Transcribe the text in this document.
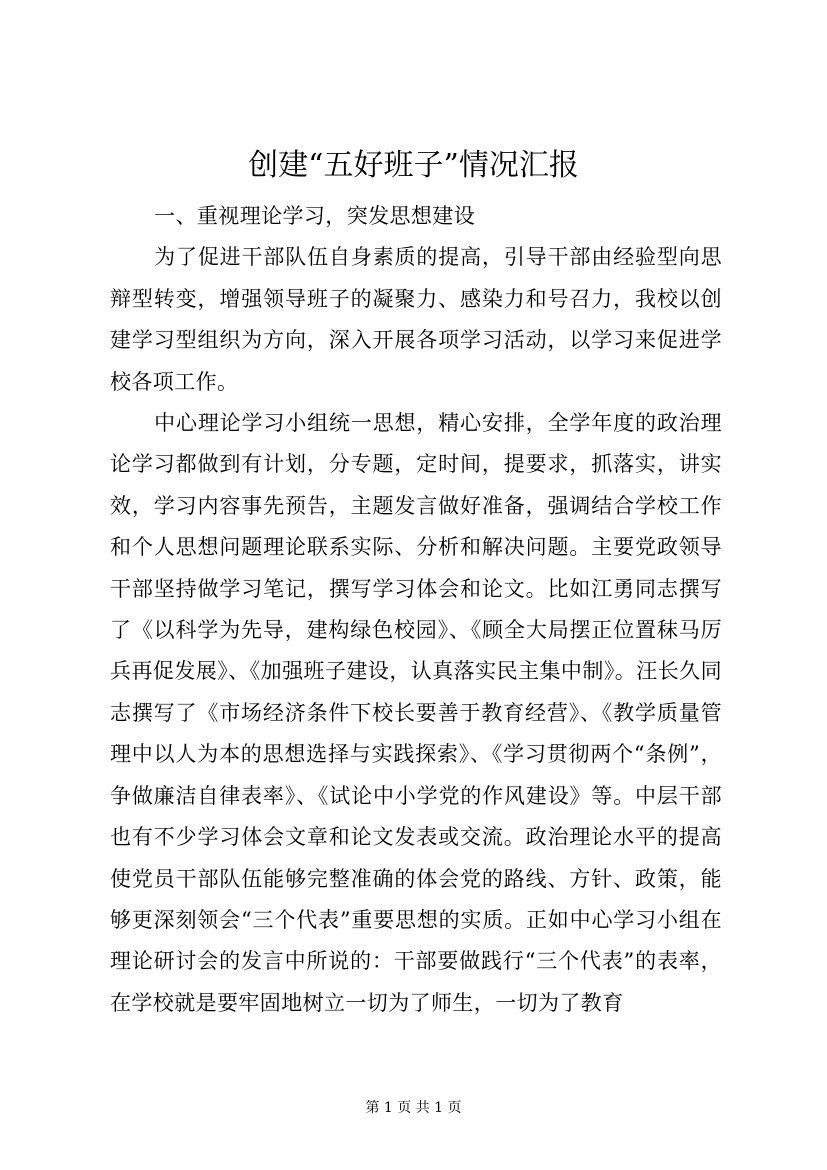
创建“五好班子”情况汇报

一、重视理论学习，突发思想建设

为了促进干部队伍自身素质的提高，引导干部由经验型向思辩型转变，增强领导班子的凝聚力、感染力和号召力，我校以创建学习型组织为方向，深入开展各项学习活动，以学习来促进学校各项工作。

中心理论学习小组统一思想，精心安排，全学年度的政治理论学习都做到有计划，分专题，定时间，提要求，抓落实，讲实效，学习内容事先预告，主题发言做好准备，强调结合学校工作和个人思想问题理论联系实际、分析和解决问题。主要党政领导干部坚持做学习笔记，撰写学习体会和论文。比如江勇同志撰写了《以科学为先导，建构绿色校园》、《顾全大局摆正位置秣马厉兵再促发展》、《加强班子建设，认真落实民主集中制》。汪长久同志撰写了《市场经济条件下校长要善于教育经营》、《教学质量管理中以人为本的思想选择与实践探索》、《学习贯彻两个“条例”，争做廉洁自律表率》、《试论中小学党的作风建设》等。中层干部也有不少学习体会文章和论文发表或交流。政治理论水平的提高使党员干部队伍能够完整准确的体会党的路线、方针、政策，能够更深刻领会“三个代表”重要思想的实质。正如中心学习小组在理论研讨会的发言中所说的：干部要做践行“三个代表”的表率，在学校就是要牢固地树立一切为了师生，一切为了教育

第 1 页 共 1 页
